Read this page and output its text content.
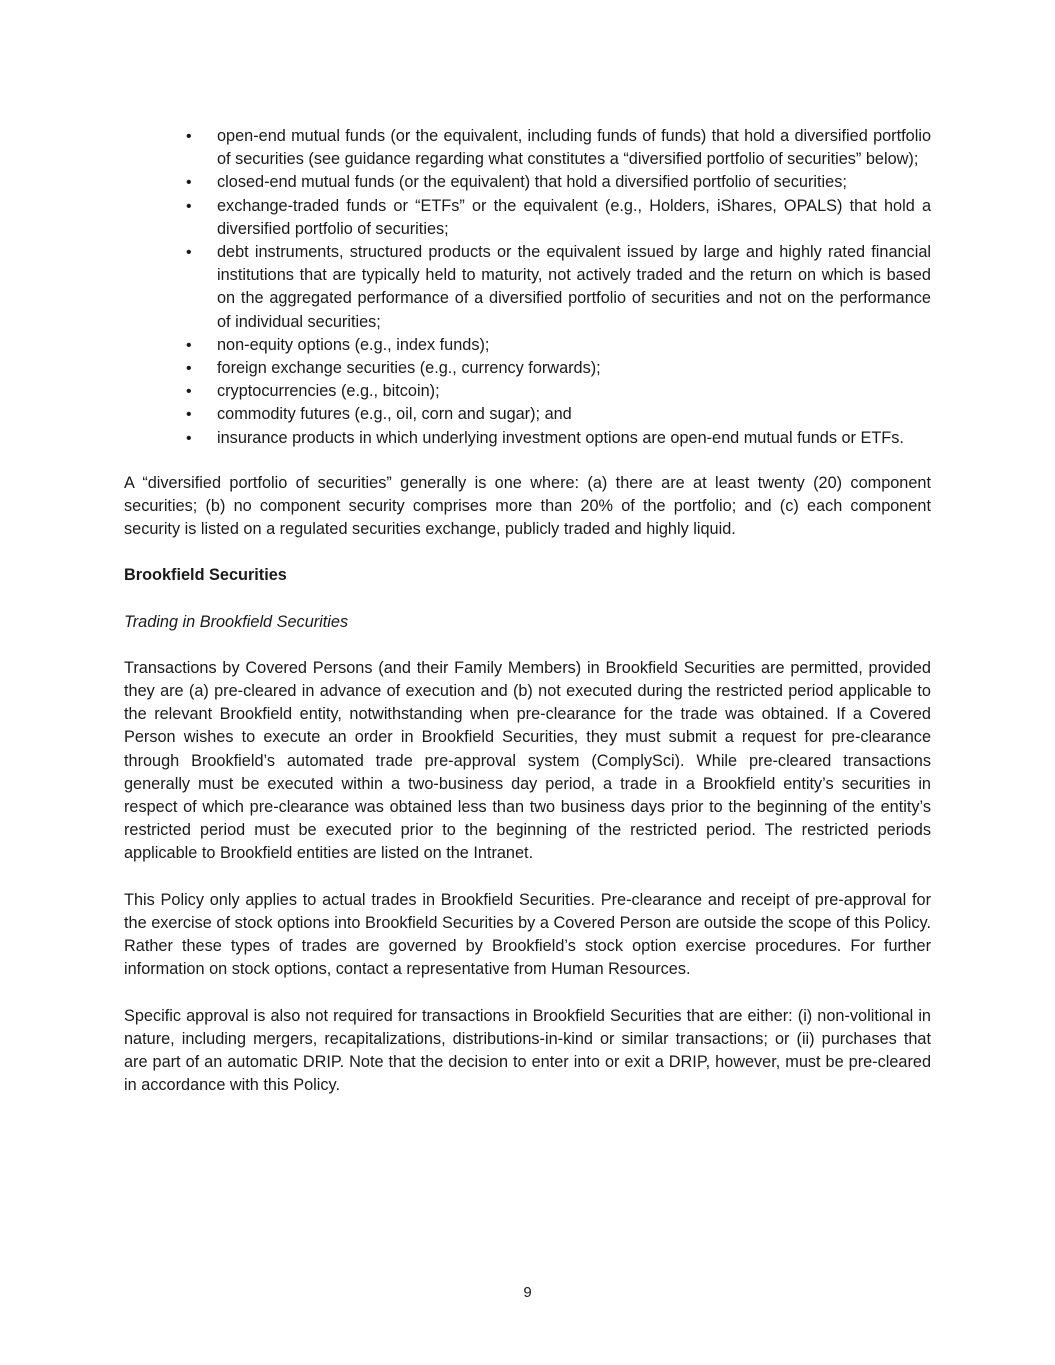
• open-end mutual funds (or the equivalent, including funds of funds) that hold a diversified portfolio of securities (see guidance regarding what constitutes a “diversified portfolio of securities” below);
• closed-end mutual funds (or the equivalent) that hold a diversified portfolio of securities;
• exchange-traded funds or “ETFs” or the equivalent (e.g., Holders, iShares, OPALS) that hold a diversified portfolio of securities;
• debt instruments, structured products or the equivalent issued by large and highly rated financial institutions that are typically held to maturity, not actively traded and the return on which is based on the aggregated performance of a diversified portfolio of securities and not on the performance of individual securities;
• non-equity options (e.g., index funds);
• foreign exchange securities (e.g., currency forwards);
• cryptocurrencies (e.g., bitcoin);
• commodity futures (e.g., oil, corn and sugar); and
• insurance products in which underlying investment options are open-end mutual funds or ETFs.

A “diversified portfolio of securities” generally is one where: (a) there are at least twenty (20) component securities; (b) no component security comprises more than 20% of the portfolio; and (c) each component security is listed on a regulated securities exchange, publicly traded and highly liquid.

Brookfield Securities

Trading in Brookfield Securities

Transactions by Covered Persons (and their Family Members) in Brookfield Securities are permitted, provided they are (a) pre-cleared in advance of execution and (b) not executed during the restricted period applicable to the relevant Brookfield entity, notwithstanding when pre-clearance for the trade was obtained. If a Covered Person wishes to execute an order in Brookfield Securities, they must submit a request for pre-clearance through Brookfield’s automated trade pre-approval system (ComplySci). While pre-cleared transactions generally must be executed within a two-business day period, a trade in a Brookfield entity’s securities in respect of which pre-clearance was obtained less than two business days prior to the beginning of the entity’s restricted period must be executed prior to the beginning of the restricted period. The restricted periods applicable to Brookfield entities are listed on the Intranet.

This Policy only applies to actual trades in Brookfield Securities. Pre-clearance and receipt of pre-approval for the exercise of stock options into Brookfield Securities by a Covered Person are outside the scope of this Policy. Rather these types of trades are governed by Brookfield’s stock option exercise procedures. For further information on stock options, contact a representative from Human Resources.

Specific approval is also not required for transactions in Brookfield Securities that are either: (i) non-volitional in nature, including mergers, recapitalizations, distributions-in-kind or similar transactions; or (ii) purchases that are part of an automatic DRIP. Note that the decision to enter into or exit a DRIP, however, must be pre-cleared in accordance with this Policy.

9
